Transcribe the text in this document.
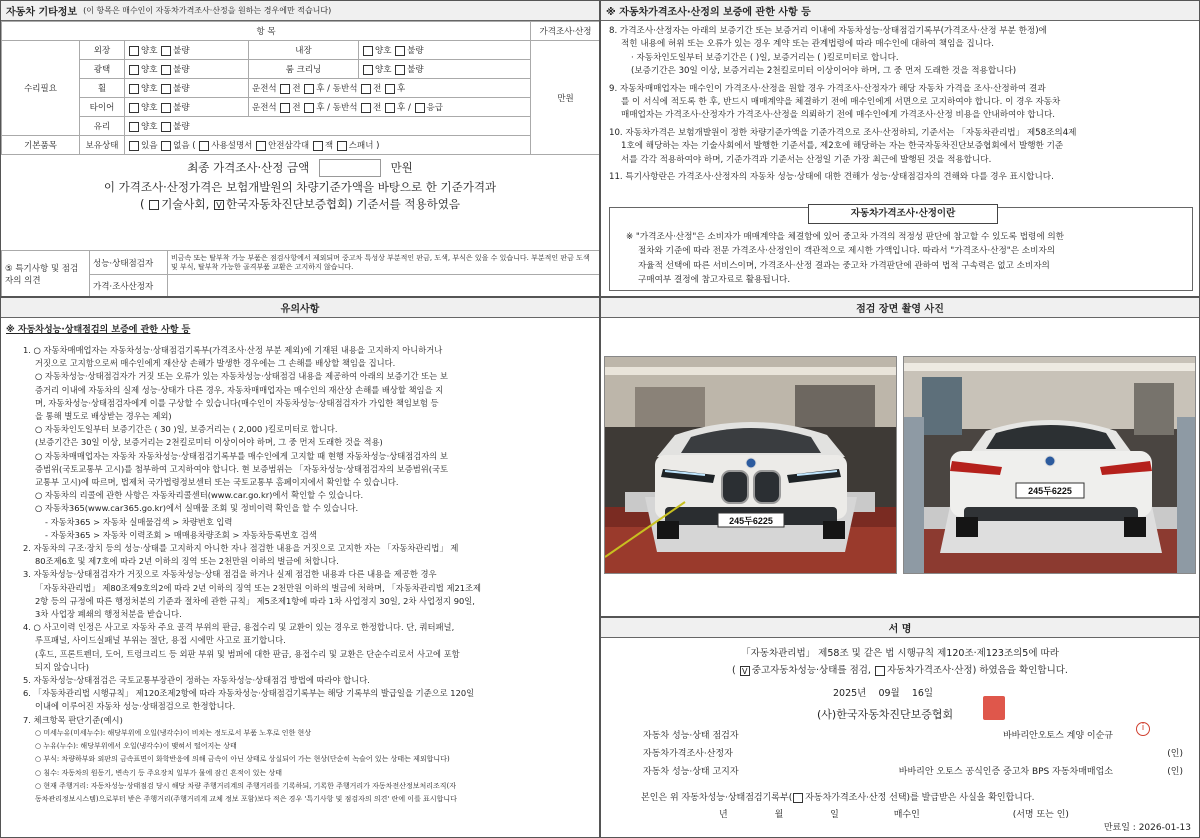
자동차 기타정보 (이 항목은 매수인이 자동차가격조사·산정을 원하는 경우에만 적습니다)
항 목					가격조사·산정
수리필요	외장	양호 불량	내장	양호 불량	만원
	광택	양호 불량	룸 크리닝	양호 불량	
	휠	양호 불량	운전석 전 후 / 동반석 전 후		
	타이어	양호 불량	운전석 전 후 / 동반석 전 후 / 응급		
	유리	양호 불량			
기본품목	보유상태	있음 없음 ( 사용설명서 안전삼각대 잭 스패너 )			
최종 가격조사·산정 금액	만원
이 가격조사·산정가격은 보험개발원의 차량기준가액을 바탕으로 한 기준가격과
( 기술사회, V 한국자동차진단보증협회) 기준서를 적용하였음
⑤ 특기사항 및 점검자의 의견	성능·상태점검자	비금속 또는 탈부착 가능 부품은 점검사항에서 제외되며 중고차 특성상 부분적인 판금, 도색, 부식은 있을 수 있습니다. 부분적인 판금 도색 및 부식, 탈부착 가능한 골격부품 교환은 고지하지 않습니다.
	가격·조사산정자	
※ 자동차가격조사·산정의 보증에 관한 사항 등

8. 가격조사·산정자는 아래의 보증기간 또는 보증거리 이내에 자동차성능·상태점검기록부(가격조사·산정 부분 한정)에

적힌 내용에 허위 또는 오류가 있는 경우 계약 또는 관계법령에 따라 매수인에 대하여 책임을 집니다.

· 자동차인도일부터 보증기간은 ( )일, 보증거리는 ( )킬로미터로 합니다.

(보증기간은 30일 이상, 보증거리는 2천킬로미터 이상이어야 하며, 그 중 먼저 도래한 것을 적용합니다)

9. 자동차매매업자는 매수인이 가격조사·산정을 원할 경우 가격조사·산정자가 해당 자동차 가격을 조사·산정하여 결과

를 이 서식에 적도록 한 후, 반드시 매매계약을 체결하기 전에 매수인에게 서면으로 고지하여야 합니다. 이 경우 자동차

매매업자는 가격조사·산정자가 가격조사·산정을 의뢰하기 전에 매수인에게 가격조사·산정 비용을 안내하여야 합니다.

10. 자동차가격은 보험개발원이 정한 차량기준가액을 기준가격으로 조사·산정하되, 기준서는 「자동차관리법」 제58조의4제

1호에 해당하는 자는 기술사회에서 발행한 기준서를, 제2호에 해당하는 자는 한국자동차진단보증협회에서 발행한 기준

서를 각각 적용하여야 하며, 기준가격과 기준서는 산정일 기준 가장 최근에 발행된 것을 적용합니다.

11. 특기사항란은 가격조사·산정자의 자동차 성능·상태에 대한 견해가 성능·상태점검자의 견해와 다를 경우 표시합니다.

자동차가격조사·산정이란

※ "가격조사·산정"은 소비자가 매매계약을 체결함에 있어 중고차 가격의 적정성 판단에 참고할 수 있도록 법령에 의한

절차와 기준에 따라 전문 가격조사·산정인이 객관적으로 제시한 가액입니다. 따라서 "가격조사·산정"은 소비자의

자율적 선택에 따른 서비스이며, 가격조사·산정 결과는 중고차 가격판단에 관하여 법적 구속력은 없고 소비자의

구매여부 결정에 참고자료로 활용됩니다.

유의사항
※ 자동차성능·상태점검의 보증에 관한 사항 등

1. ○ 자동차매매업자는 자동차성능·상태점검기록부(가격조사·산정 부분 제외)에 기재된 내용을 고지하지 아니하거나

거짓으로 고지함으로써 매수인에게 재산상 손해가 발생한 경우에는 그 손해를 배상할 책임을 집니다.

○ 자동차성능·상태점검자가 거짓 또는 오류가 있는 자동차성능·상태점검 내용을 제공하여 아래의 보증기간 또는 보

증거리 이내에 자동차의 실제 성능·상태가 다른 경우, 자동차매매업자는 매수인의 재산상 손해를 배상할 책임을 지

며, 자동차성능·상태점검자에게 이를 구상할 수 있습니다(매수인이 자동차성능·상태점검자가 가입한 책임보험 등

을 통해 별도로 배상받는 경우는 제외)

○ 자동차인도일부터 보증기간은 ( 30 )일, 보증거리는 ( 2,000 )킬로미터로 합니다.

(보증기간은 30일 이상, 보증거리는 2천킬로미터 이상이어야 하며, 그 중 먼저 도래한 것을 적용)

○ 자동차매매업자는 자동차 자동차성능·상태점검기록부를 매수인에게 고지할 때 현행 자동차성능·상태점검자의 보

증범위(국토교통부 고시)를 첨부하여 고지하여야 합니다. 현 보증범위는 「자동차성능·상태점검자의 보증범위(국토

교통부 고시)에 따르며, 법제처 국가법령정보센터 또는 국토교통부 홈페이지에서 확인할 수 있습니다.

○ 자동차의 리콜에 관한 사항은 자동차리콜센터(www.car.go.kr)에서 확인할 수 있습니다.

○ 자동차365(www.car365.go.kr)에서 실매물 조회 및 정비이력 확인을 할 수 있습니다.

- 자동차365 > 자동차 실매물검색 > 차량번호 입력

- 자동차365 > 자동차 이력조회 > 매매용차량조회 > 자동차등록번호 검색

2. 자동차의 구조·장치 등의 성능·상태를 고지하지 아니한 자나 점검한 내용을 거짓으로 고지한 자는 「자동차관리법」 제

80조제6호 및 제7호에 따라 2년 이하의 징역 또는 2천만원 이하의 벌금에 처합니다.

3. 자동차성능·상태점검자가 거짓으로 자동차성능·상태 점검을 하거나 실제 점검한 내용과 다른 내용을 제공한 경우

「자동차관리법」 제80조제9호의2에 따라 2년 이하의 징역 또는 2천만원 이하의 벌금에 처하며, 「자동차관리법 제21조제

2항 등의 규정에 따른 행정처분의 기준과 절차에 관한 규칙」 제5조제1항에 따라 1차 사업정지 30일, 2차 사업정지 90일,

3차 사업장 폐쇄의 행정처분을 받습니다.

4. ○ 사고이력 인정은 사고로 자동차 주요 골격 부위의 판금, 용접수리 및 교환이 있는 경우로 한정합니다. 단, 쿼터패널,

루프패널, 사이드실패널 부위는 절단, 용접 시에만 사고로 표기합니다.

(후드, 프론트펜더, 도어, 트렁크리드 등 외판 부위 및 범퍼에 대한 판금, 용접수리 및 교환은 단순수리로서 사고에 포함

되지 않습니다)

5. 자동차성능·상태점검은 국토교통부장관이 정하는 자동차성능·상태점검 방법에 따라야 합니다.

6. 「자동차관리법 시행규칙」 제120조제2항에 따라 자동차성능·상태점검기록부는 해당 기록부의 발급일을 기준으로 120일

이내에 이루어진 자동차 성능·상태점검으로 한정합니다.

7. 체크항목 판단기준(예시)

○ 미세누유(미세누수): 해당부위에 오일(냉각수)이 비치는 정도로서 부품 노후로 인한 현상

○ 누유(누수): 해당부위에서 오일(냉각수)이 맺혀서 떨어지는 상태

○ 부식: 차량하부와 외판의 금속표면이 화학반응에 의해 금속이 아닌 상태로 상실되어 가는 현상(단순히 녹슬어 있는 상태는 제외합니다)

○ 침수: 자동차의 원동기, 변속기 등 주요장치 일부가 물에 잠긴 흔적이 있는 상태

○ 현재 주행거리: 자동차성능·상태점검 당시 해당 차량 주행거리계의 주행거리를 기록하되, 기록한 주행거리가 자동차전산정보처리조직(자

동차관리정보시스템)으로부터 받은 주행거리(주행거리계 교체 정보 포함)보다 적은 경우 '특기사항 및 점검자의 의견' 란에 이를 표시합니다

점검 장면 촬영 사진
245두6225
245두6225
서 명
「자동차관리법」 제58조 및 같은 법 시행규칙 제120조·제123조의5에 따라
( V 중고자동차성능·상태를 점검, 자동차가격조사·산정) 하였음을 확인합니다.
2025년 09월 16일
(사)한국자동차진단보증협회
자동차 성능·상태 점검자	바바리안오토스 계양 이순규
자동차가격조사·산정자	(인)
자동차 성능·상태 고지자	바바리안 오토스 공식인증 중고차 BPS 자동차매매업소	(인)
i
본인은 위 자동차성능·상태점검기록부( 자동차가격조사·산정 선택)를 발급받은 사실을 확인합니다.
년	월	일	매수인	(서명 또는 인)
만료일 : 2026-01-13
